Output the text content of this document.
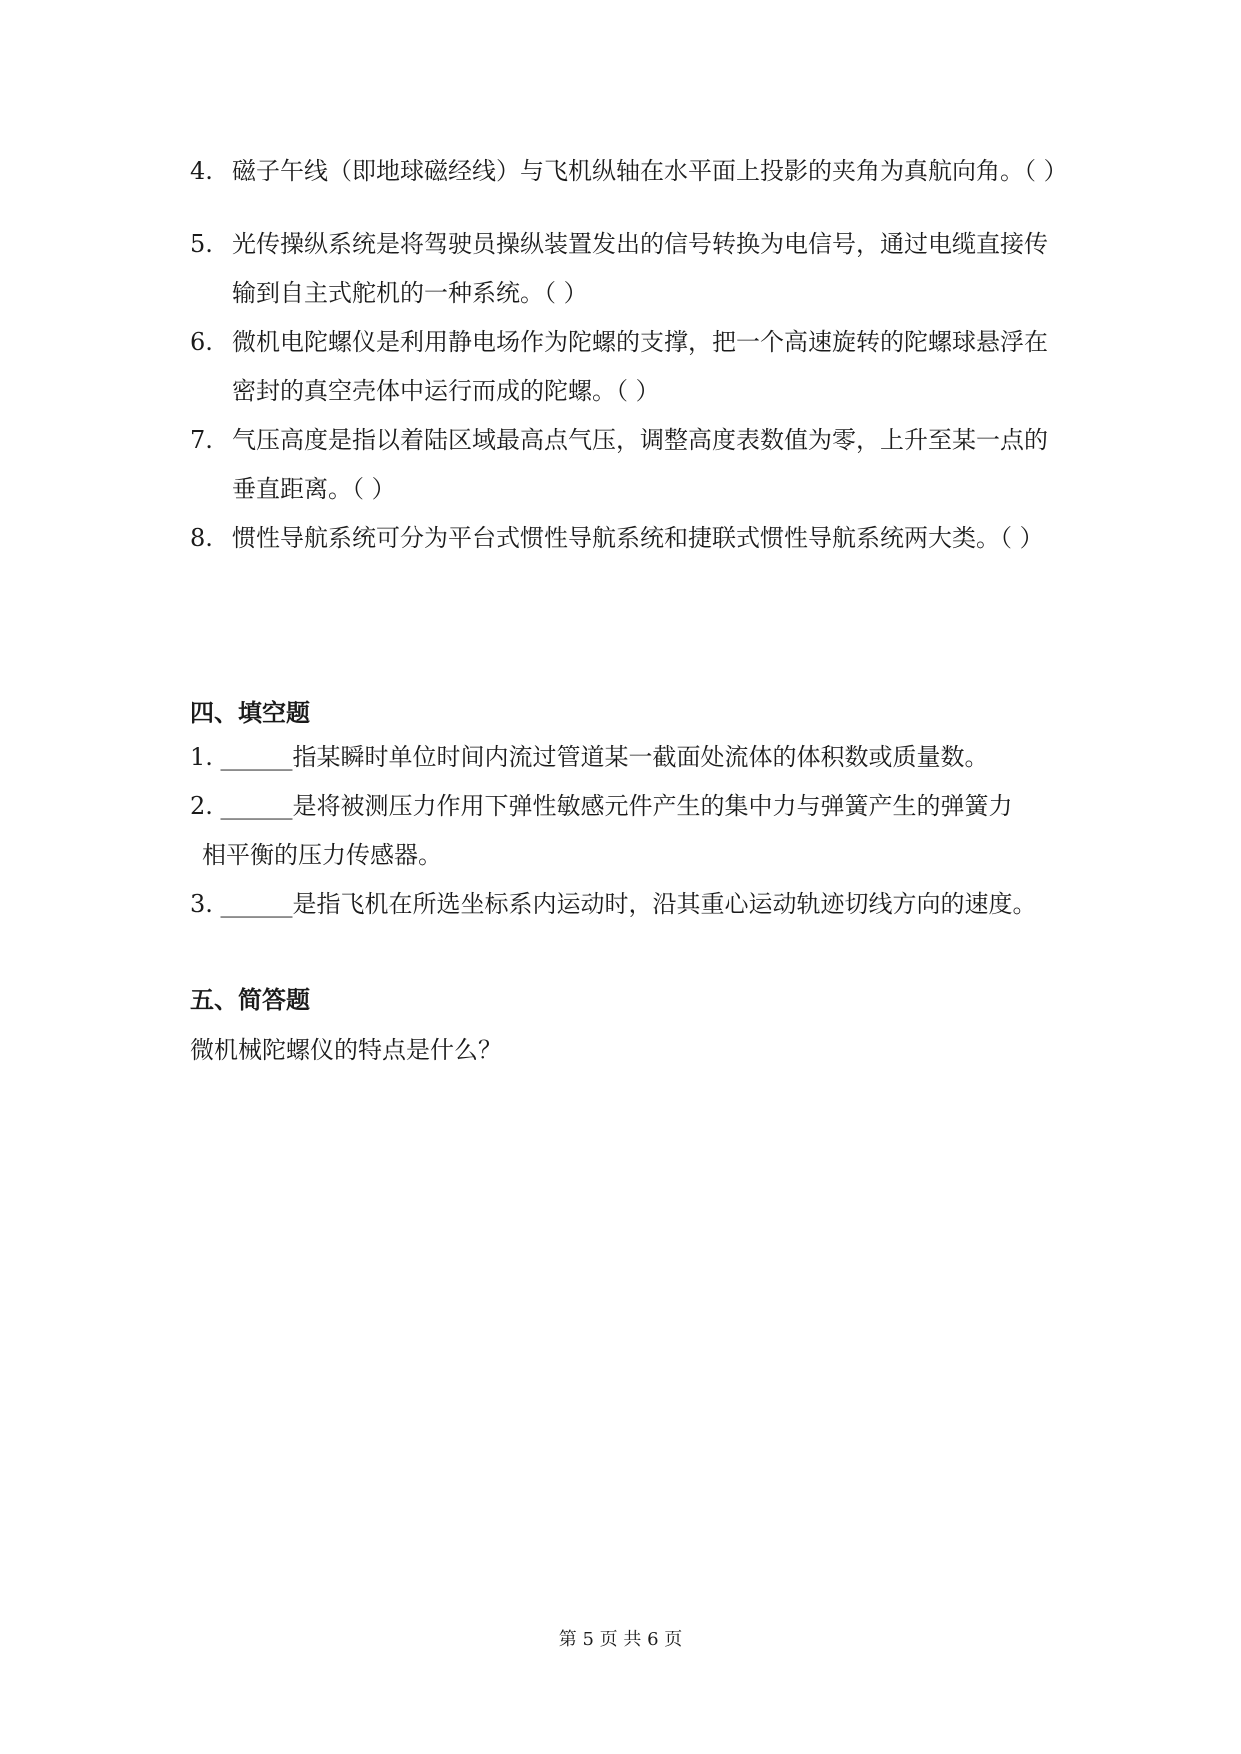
4. 磁子午线（即地球磁经线）与飞机纵轴在水平面上投影的夹角为真航向角。（ ）
5. 光传操纵系统是将驾驶员操纵装置发出的信号转换为电信号，通过电缆直接传输到自主式舵机的一种系统。（ ）
6. 微机电陀螺仪是利用静电场作为陀螺的支撑，把一个高速旋转的陀螺球悬浮在密封的真空壳体中运行而成的陀螺。（ ）
7. 气压高度是指以着陆区域最高点气压，调整高度表数值为零，上升至某一点的垂直距离。（ ）
8. 惯性导航系统可分为平台式惯性导航系统和捷联式惯性导航系统两大类。（ ）
四、填空题
1. ______指某瞬时单位时间内流过管道某一截面处流体的体积数或质量数。
2. ______是将被测压力作用下弹性敏感元件产生的集中力与弹簧产生的弹簧力
相平衡的压力传感器。
3. ______是指飞机在所选坐标系内运动时，沿其重心运动轨迹切线方向的速度。
五、简答题
微机械陀螺仪的特点是什么？
第 5 页 共 6 页
